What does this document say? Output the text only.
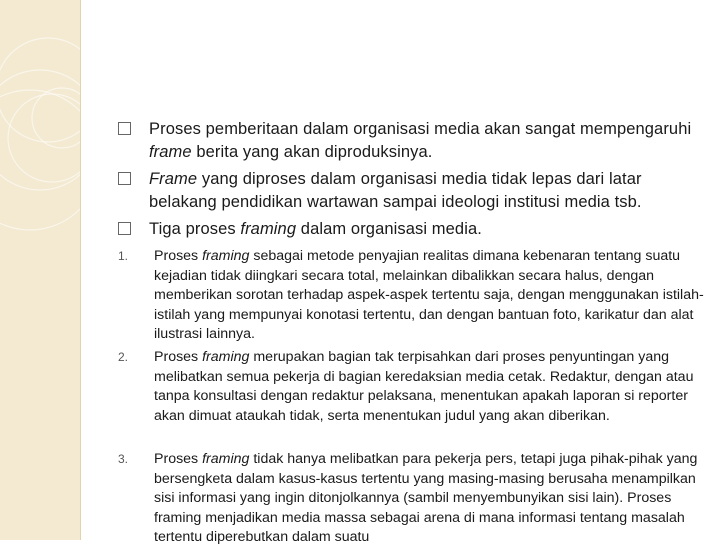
Proses pemberitaan dalam organisasi media akan sangat mempengaruhi frame berita yang akan diproduksinya.
Frame yang diproses dalam organisasi media tidak lepas dari latar belakang pendidikan wartawan sampai ideologi institusi media tsb.
Tiga proses framing dalam organisasi media.
1. Proses framing sebagai metode penyajian realitas dimana kebenaran tentang suatu kejadian tidak diingkari secara total, melainkan dibalikkan secara halus, dengan memberikan sorotan terhadap aspek-aspek tertentu saja, dengan menggunakan istilah-istilah yang mempunyai konotasi tertentu, dan dengan bantuan foto, karikatur dan alat ilustrasi lainnya.
2. Proses framing merupakan bagian tak terpisahkan dari proses penyuntingan yang melibatkan semua pekerja di bagian keredaksian media cetak. Redaktur, dengan atau tanpa konsultasi dengan redaktur pelaksana, menentukan apakah laporan si reporter akan dimuat ataukah tidak, serta menentukan judul yang akan diberikan.
3. Proses framing tidak hanya melibatkan para pekerja pers, tetapi juga pihak-pihak yang bersengketa dalam kasus-kasus tertentu yang masing-masing berusaha menampilkan sisi informasi yang ingin ditonjolkannya (sambil menyembunyikan sisi lain). Proses framing menjadikan media massa sebagai arena di mana informasi tentang masalah tertentu diperebutkan dalam suatu
